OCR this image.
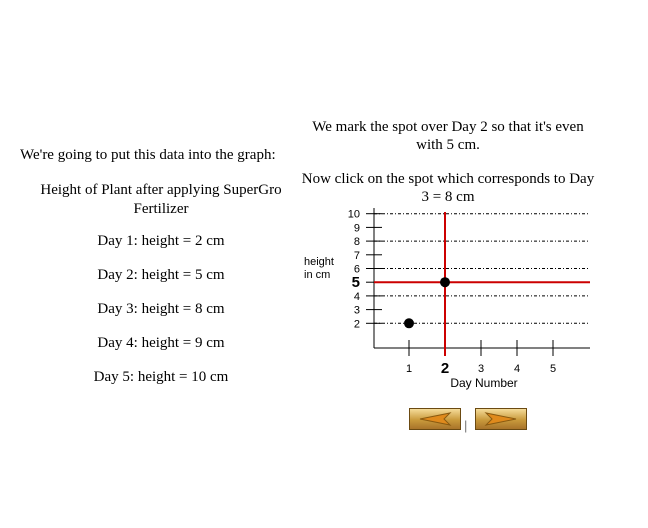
We're going to put this data into the graph:
Height of Plant after applying SuperGro Fertilizer
Day 1: height = 2 cm
Day 2: height = 5 cm
Day 3: height = 8 cm
Day 4: height = 9 cm
Day 5: height = 10 cm
We mark the spot over Day 2 so that it's even with 5 cm.
Now click on the spot which corresponds to Day 3 = 8 cm
2
3
4
5
6
7
8
9
10
1 2	3	4	5
height
in cm
Day Number
|
